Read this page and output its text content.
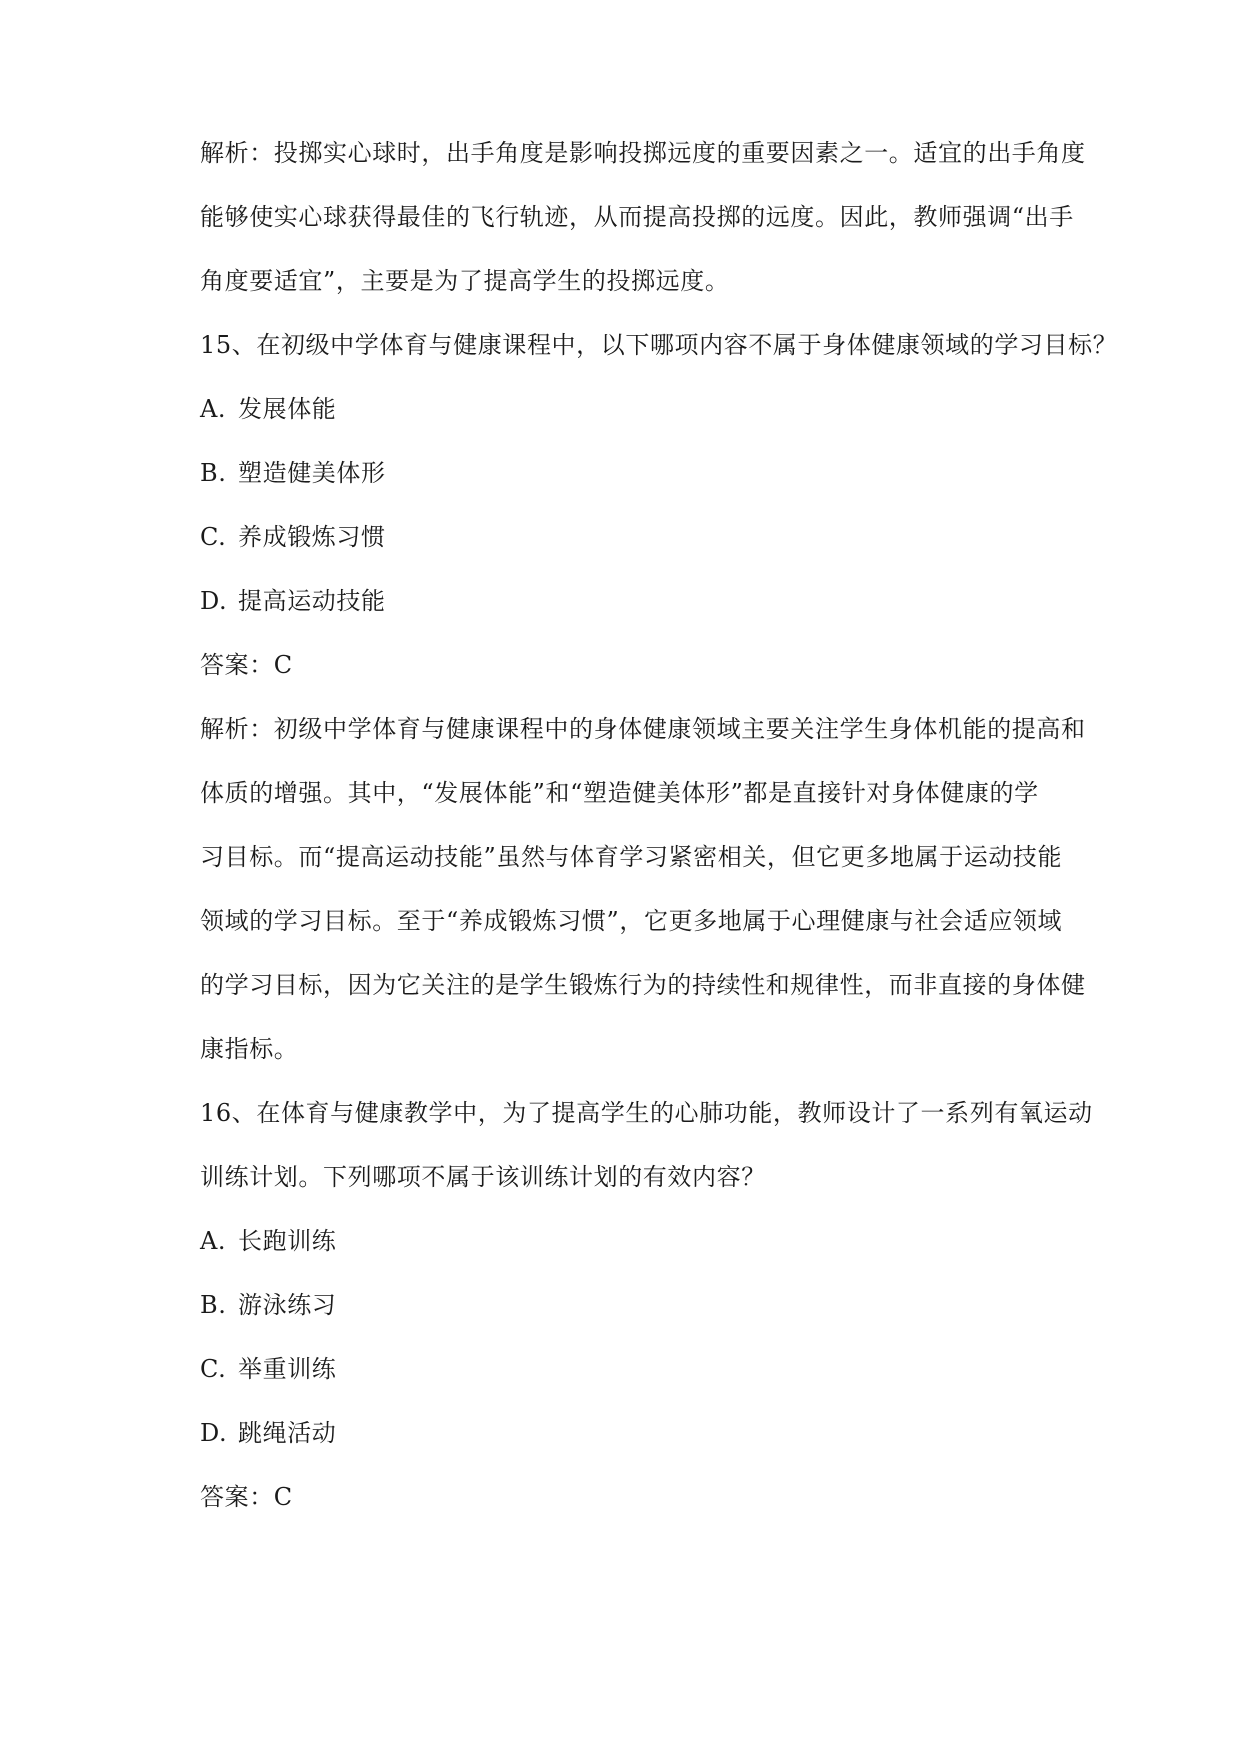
解析：投掷实心球时，出手角度是影响投掷远度的重要因素之一。适宜的出手角度
能够使实心球获得最佳的飞行轨迹，从而提高投掷的远度。因此，教师强调“出手
角度要适宜”，主要是为了提高学生的投掷远度。
15、在初级中学体育与健康课程中，以下哪项内容不属于身体健康领域的学习目标？
A. 发展体能
B. 塑造健美体形
C. 养成锻炼习惯
D. 提高运动技能
答案：C
解析：初级中学体育与健康课程中的身体健康领域主要关注学生身体机能的提高和
体质的增强。其中，“发展体能”和“塑造健美体形”都是直接针对身体健康的学
习目标。而“提高运动技能”虽然与体育学习紧密相关，但它更多地属于运动技能
领域的学习目标。至于“养成锻炼习惯”，它更多地属于心理健康与社会适应领域
的学习目标，因为它关注的是学生锻炼行为的持续性和规律性，而非直接的身体健
康指标。
16、在体育与健康教学中，为了提高学生的心肺功能，教师设计了一系列有氧运动
训练计划。下列哪项不属于该训练计划的有效内容？
A. 长跑训练
B. 游泳练习
C. 举重训练
D. 跳绳活动
答案：C
